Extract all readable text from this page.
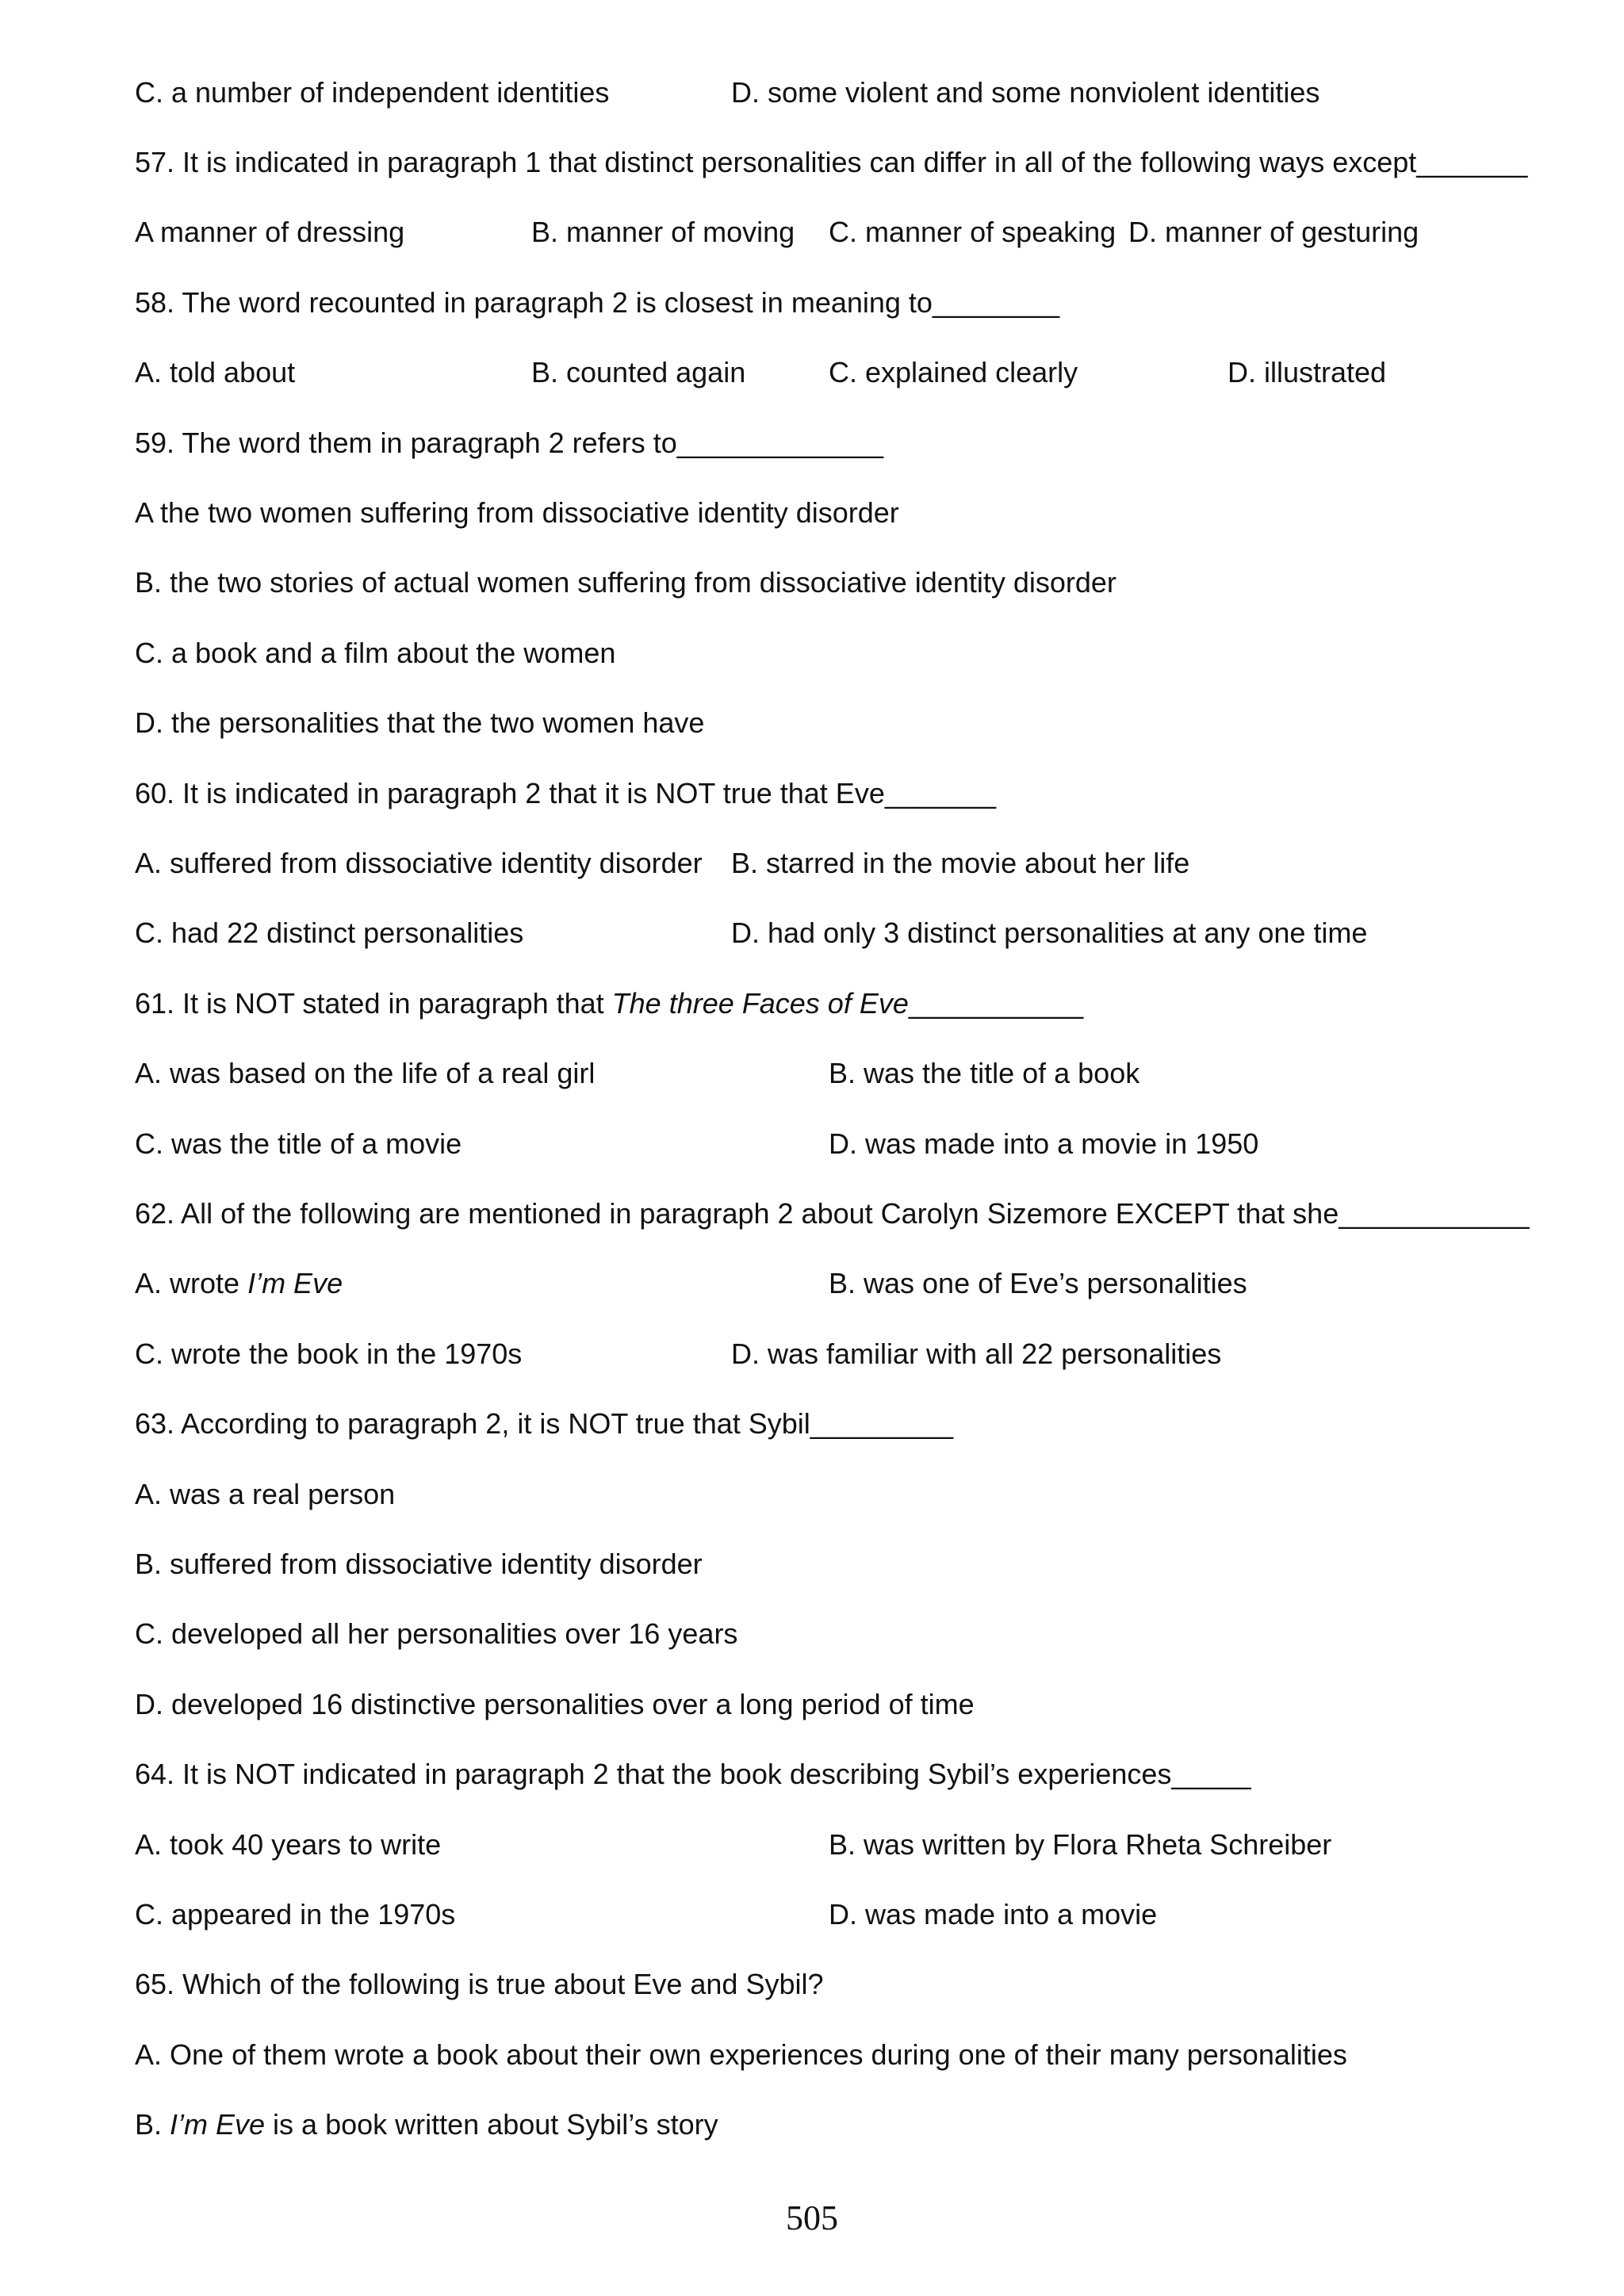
C. a number of independent identities	D. some violent and some nonviolent identities
57. It is indicated in paragraph 1 that distinct personalities can differ in all of the following ways except_______
A manner of dressing	B. manner of moving C. manner of speaking D. manner of gesturing
58. The word recounted in paragraph 2 is closest in meaning to________
A. told about	B. counted again	C. explained clearly	D. illustrated
59. The word them in paragraph 2 refers to_____________
A the two women suffering from dissociative identity disorder
B. the two stories of actual women suffering from dissociative identity disorder
C. a book and a film about the women
D. the personalities that the two women have
60. It is indicated in paragraph 2 that it is NOT true that Eve_______
A. suffered from dissociative identity disorder B. starred in the movie about her life
C. had 22 distinct personalities	D. had only 3 distinct personalities at any one time
61. It is NOT stated in paragraph that The three Faces of Eve___________
A. was based on the life of a real girl	B. was the title of a book
C. was the title of a movie	D. was made into a movie in 1950
62. All of the following are mentioned in paragraph 2 about Carolyn Sizemore EXCEPT that she____________
A. wrote I’m Eve	B. was one of Eve’s personalities
C. wrote the book in the 1970s	D. was familiar with all 22 personalities
63. According to paragraph 2, it is NOT true that Sybil_________
A. was a real person
B. suffered from dissociative identity disorder
C. developed all her personalities over 16 years
D. developed 16 distinctive personalities over a long period of time
64. It is NOT indicated in paragraph 2 that the book describing Sybil’s experiences_____
A. took 40 years to write	B. was written by Flora Rheta Schreiber
C. appeared in the 1970s	D. was made into a movie
65. Which of the following is true about Eve and Sybil?
A. One of them wrote a book about their own experiences during one of their many personalities
B. I’m Eve is a book written about Sybil’s story
505
